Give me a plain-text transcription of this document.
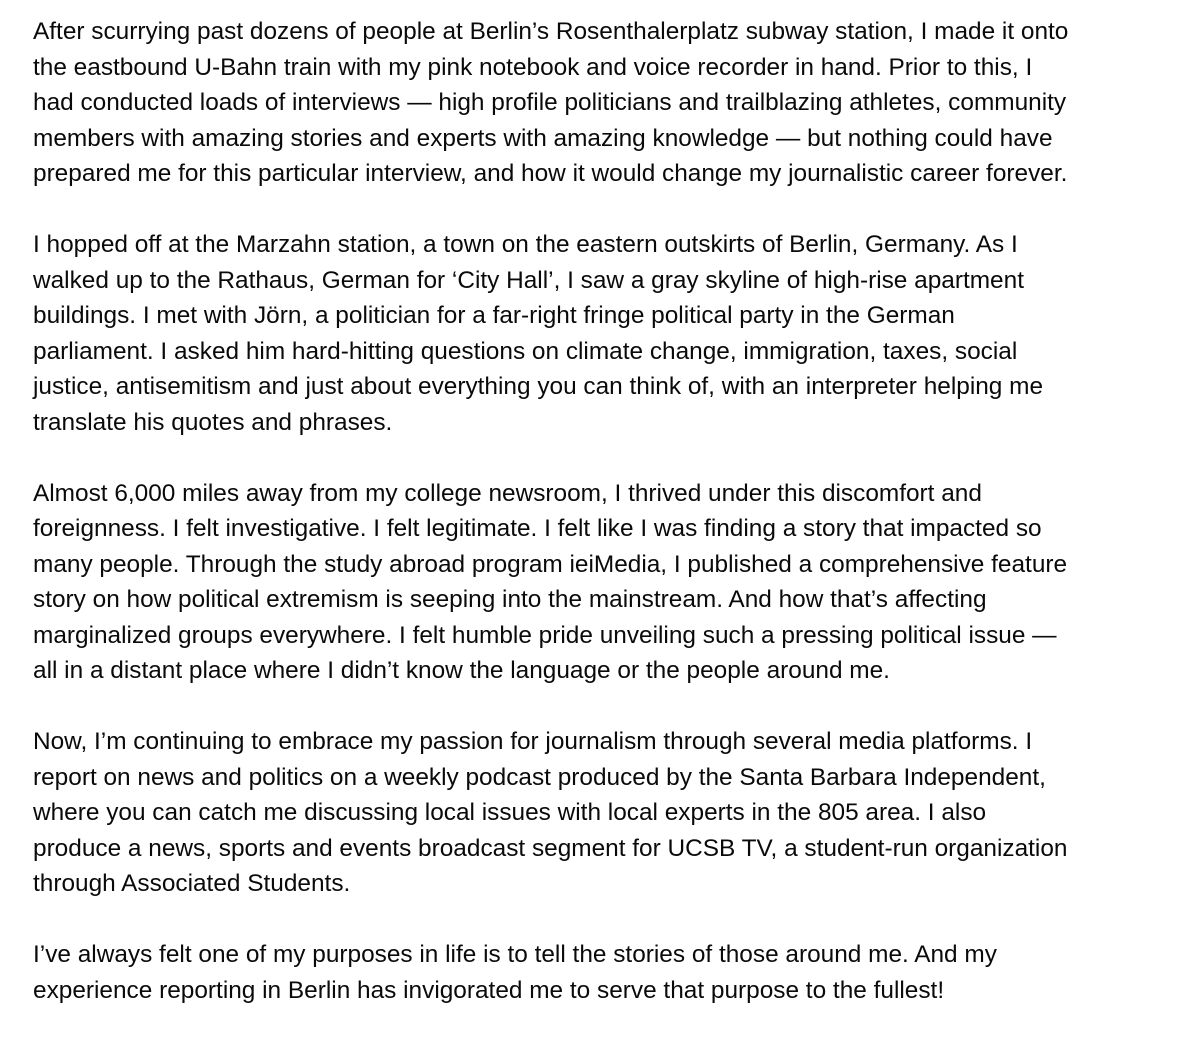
After scurrying past dozens of people at Berlin’s Rosenthalerplatz subway station, I made it onto
the eastbound U-Bahn train with my pink notebook and voice recorder in hand. Prior to this, I
had conducted loads of interviews — high profile politicians and trailblazing athletes, community
members with amazing stories and experts with amazing knowledge — but nothing could have
prepared me for this particular interview, and how it would change my journalistic career forever.

I hopped off at the Marzahn station, a town on the eastern outskirts of Berlin, Germany. As I
walked up to the Rathaus, German for ‘City Hall’, I saw a gray skyline of high-rise apartment
buildings. I met with Jörn, a politician for a far-right fringe political party in the German
parliament. I asked him hard-hitting questions on climate change, immigration, taxes, social
justice, antisemitism and just about everything you can think of, with an interpreter helping me
translate his quotes and phrases.

Almost 6,000 miles away from my college newsroom, I thrived under this discomfort and
foreignness. I felt investigative. I felt legitimate. I felt like I was finding a story that impacted so
many people. Through the study abroad program ieiMedia, I published a comprehensive feature
story on how political extremism is seeping into the mainstream. And how that’s affecting
marginalized groups everywhere. I felt humble pride unveiling such a pressing political issue —
all in a distant place where I didn’t know the language or the people around me.

Now, I’m continuing to embrace my passion for journalism through several media platforms. I
report on news and politics on a weekly podcast produced by the Santa Barbara Independent,
where you can catch me discussing local issues with local experts in the 805 area. I also
produce a news, sports and events broadcast segment for UCSB TV, a student-run organization
through Associated Students.

I’ve always felt one of my purposes in life is to tell the stories of those around me. And my
experience reporting in Berlin has invigorated me to serve that purpose to the fullest!
